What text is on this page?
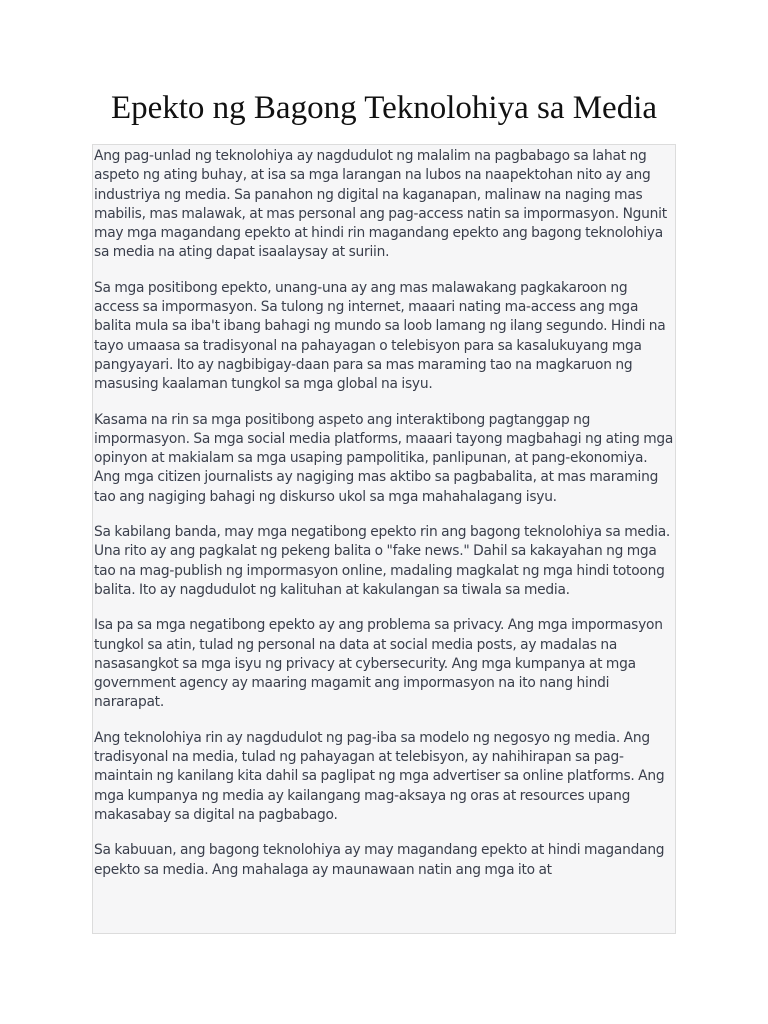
Epekto ng Bagong Teknolohiya sa Media

Ang pag-unlad ng teknolohiya ay nagdudulot ng malalim na pagbabago sa lahat ng aspeto ng ating buhay, at isa sa mga larangan na lubos na naapektohan nito ay ang industriya ng media. Sa panahon ng digital na kaganapan, malinaw na naging mas mabilis, mas malawak, at mas personal ang pag-access natin sa impormasyon. Ngunit may mga magandang epekto at hindi rin magandang epekto ang bagong teknolohiya sa media na ating dapat isaalaysay at suriin.

Sa mga positibong epekto, unang-una ay ang mas malawakang pagkakaroon ng access sa impormasyon. Sa tulong ng internet, maaari nating ma-access ang mga balita mula sa iba't ibang bahagi ng mundo sa loob lamang ng ilang segundo. Hindi na tayo umaasa sa tradisyonal na pahayagan o telebisyon para sa kasalukuyang mga pangyayari. Ito ay nagbibigay-daan para sa mas maraming tao na magkaruon ng masusing kaalaman tungkol sa mga global na isyu.

Kasama na rin sa mga positibong aspeto ang interaktibong pagtanggap ng impormasyon. Sa mga social media platforms, maaari tayong magbahagi ng ating mga opinyon at makialam sa mga usaping pampolitika, panlipunan, at pang-ekonomiya. Ang mga citizen journalists ay nagiging mas aktibo sa pagbabalita, at mas maraming tao ang nagiging bahagi ng diskurso ukol sa mga mahahalagang isyu.

Sa kabilang banda, may mga negatibong epekto rin ang bagong teknolohiya sa media. Una rito ay ang pagkalat ng pekeng balita o "fake news." Dahil sa kakayahan ng mga tao na mag-publish ng impormasyon online, madaling magkalat ng mga hindi totoong balita. Ito ay nagdudulot ng kalituhan at kakulangan sa tiwala sa media.

Isa pa sa mga negatibong epekto ay ang problema sa privacy. Ang mga impormasyon tungkol sa atin, tulad ng personal na data at social media posts, ay madalas na nasasangkot sa mga isyu ng privacy at cybersecurity. Ang mga kumpanya at mga government agency ay maaring magamit ang impormasyon na ito nang hindi nararapat.

Ang teknolohiya rin ay nagdudulot ng pag-iba sa modelo ng negosyo ng media. Ang tradisyonal na media, tulad ng pahayagan at telebisyon, ay nahihirapan sa pag-maintain ng kanilang kita dahil sa paglipat ng mga advertiser sa online platforms. Ang mga kumpanya ng media ay kailangang mag-aksaya ng oras at resources upang makasabay sa digital na pagbabago.

Sa kabuuan, ang bagong teknolohiya ay may magandang epekto at hindi magandang epekto sa media. Ang mahalaga ay maunawaan natin ang mga ito at
